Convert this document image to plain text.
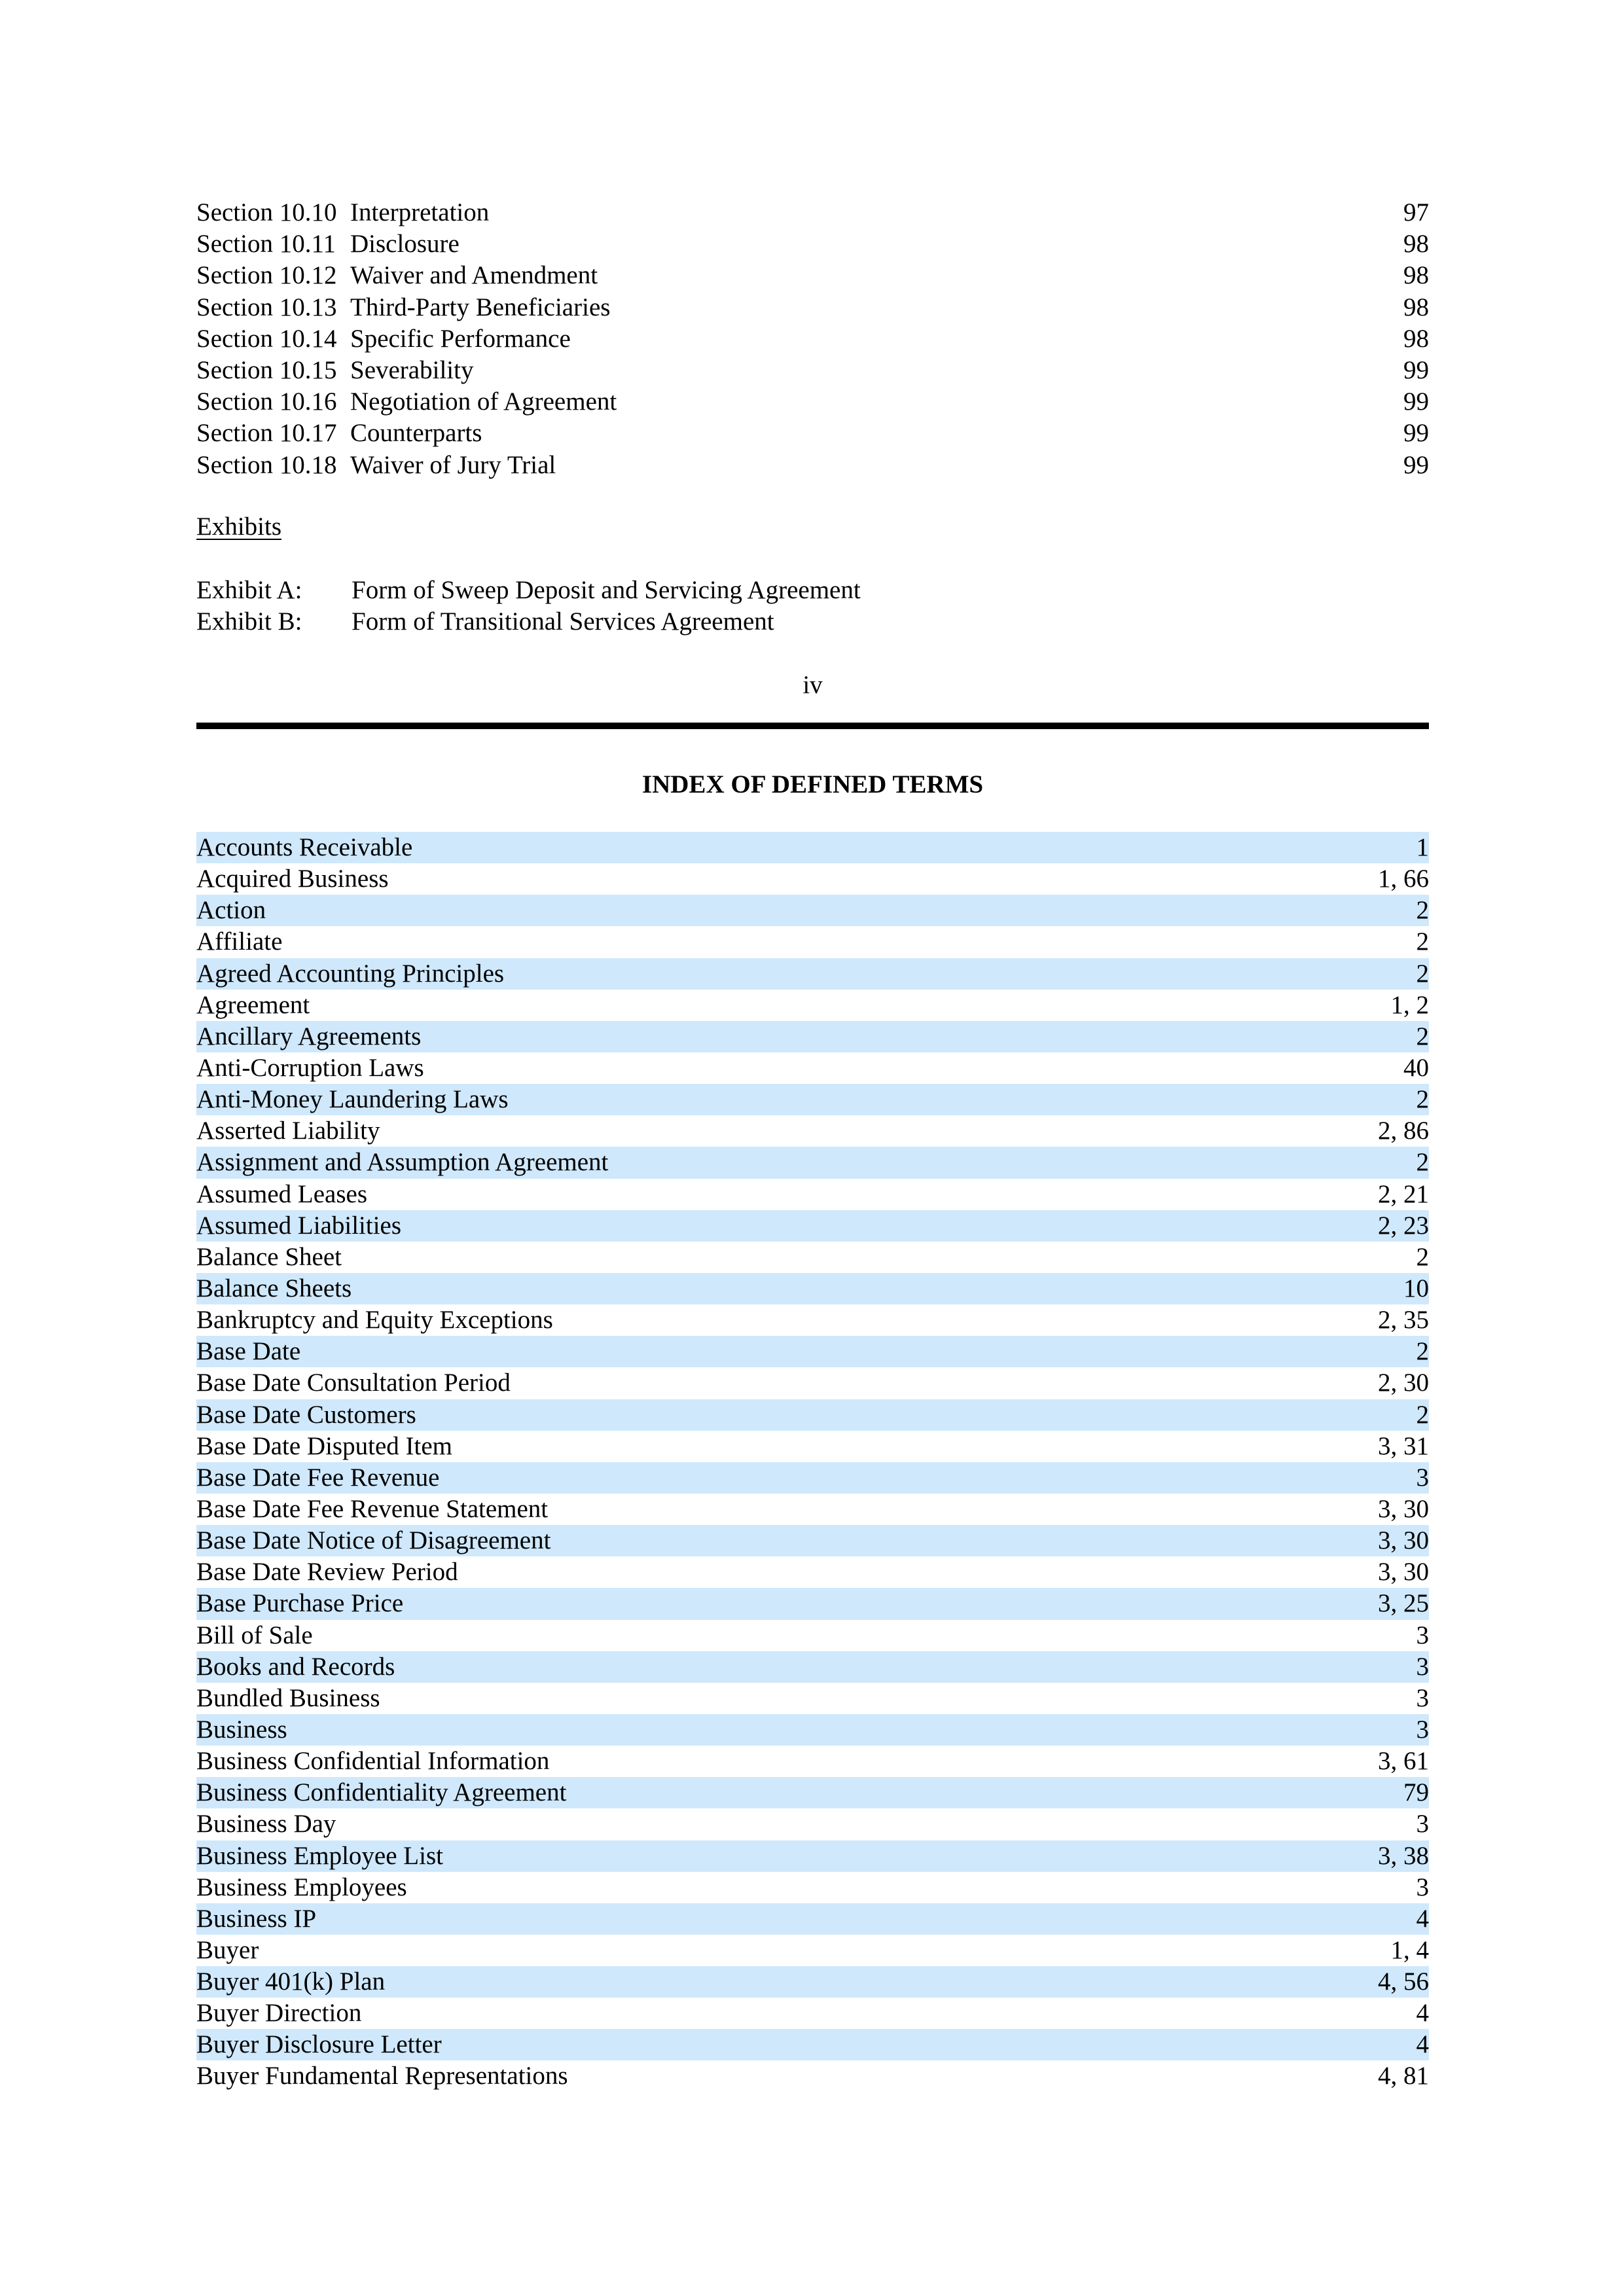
Section 10.10 Interpretation	97
Section 10.11 Disclosure	98
Section 10.12 Waiver and Amendment	98
Section 10.13 Third-Party Beneficiaries	98
Section 10.14 Specific Performance	98
Section 10.15 Severability	99
Section 10.16 Negotiation of Agreement	99
Section 10.17 Counterparts	99
Section 10.18 Waiver of Jury Trial	99
Exhibits
Exhibit A:	Form of Sweep Deposit and Servicing Agreement
Exhibit B:	Form of Transitional Services Agreement
iv
INDEX OF DEFINED TERMS
Accounts Receivable	1
Acquired Business	1, 66
Action	2
Affiliate	2
Agreed Accounting Principles	2
Agreement	1, 2
Ancillary Agreements	2
Anti-Corruption Laws	40
Anti-Money Laundering Laws	2
Asserted Liability	2, 86
Assignment and Assumption Agreement	2
Assumed Leases	2, 21
Assumed Liabilities	2, 23
Balance Sheet	2
Balance Sheets	10
Bankruptcy and Equity Exceptions	2, 35
Base Date	2
Base Date Consultation Period	2, 30
Base Date Customers	2
Base Date Disputed Item	3, 31
Base Date Fee Revenue	3
Base Date Fee Revenue Statement	3, 30
Base Date Notice of Disagreement	3, 30
Base Date Review Period	3, 30
Base Purchase Price	3, 25
Bill of Sale	3
Books and Records	3
Bundled Business	3
Business	3
Business Confidential Information	3, 61
Business Confidentiality Agreement	79
Business Day	3
Business Employee List	3, 38
Business Employees	3
Business IP	4
Buyer	1, 4
Buyer 401(k) Plan	4, 56
Buyer Direction	4
Buyer Disclosure Letter	4
Buyer Fundamental Representations	4, 81
